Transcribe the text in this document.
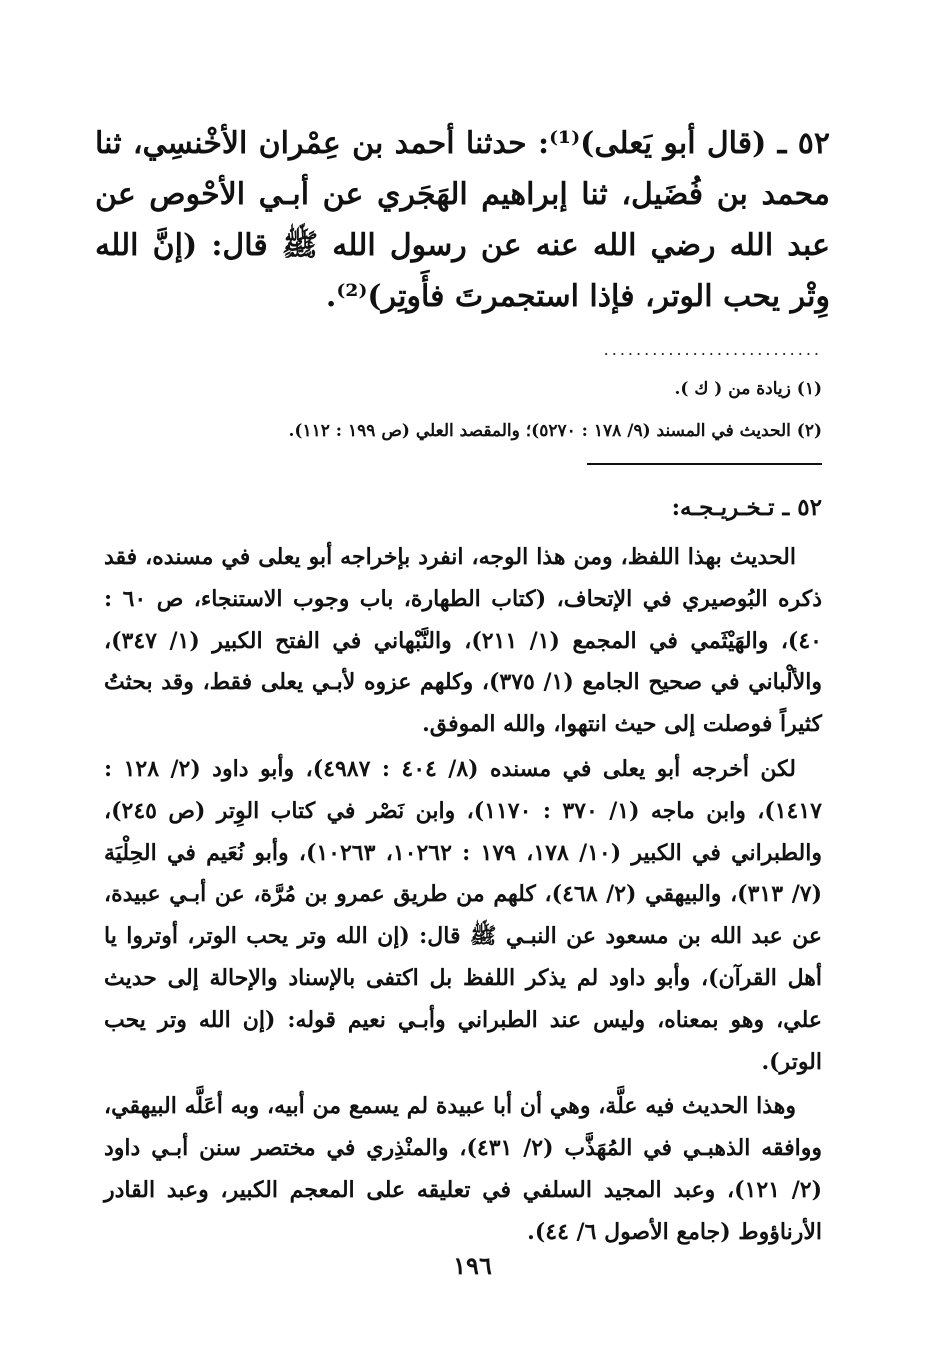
٥٢ ـ (قال أبو يَعلى)⁽¹⁾: حدثنا أحمد بن عِمْران الأخْنسِي، ثنا محمد بن فُضَيل، ثنا إبراهيم الهَجَري عن أبـي الأحْوص عن عبد الله رضي الله عنه عن رسول الله ﷺ قال: (إنَّ الله وِتْر يحب الوتر، فإذا استجمرتَ فأَوتِر)⁽²⁾.

...........................

(١) زيادة من ( ك ).

(٢) الحديث في المسند (٩/ ١٧٨ : ٥٢٧٠)؛ والمقصد العلي (ص ١٩٩ : ١١٢).

٥٢ ـ تـخـريـجـه:

الحديث بهذا اللفظ، ومن هذا الوجه، انفرد بإخراجه أبو يعلى في مسنده، فقد ذكره البُوصيري في الإتحاف، (كتاب الطهارة، باب وجوب الاستنجاء، ص ٦٠ : ٤٠)، والهَيْثَمي في المجمع (١/ ٢١١)، والنَّبْهاني في الفتح الكبير (١/ ٣٤٧)، والألْباني في صحيح الجامع (١/ ٣٧٥)، وكلهم عزوه لأبـي يعلى فقط، وقد بحثتُ كثيراً فوصلت إلى حيث انتهوا، والله الموفق.

لكن أخرجه أبو يعلى في مسنده (٨/ ٤٠٤ : ٤٩٨٧)، وأبو داود (٢/ ١٢٨ : ١٤١٧)، وابن ماجه (١/ ٣٧٠ : ١١٧٠)، وابن نَصْر في كتاب الوِتر (ص ٢٤٥)، والطبراني في الكبير (١٠/ ١٧٨، ١٧٩ : ١٠٢٦٢، ١٠٢٦٣)، وأبو نُعَيم في الحِلْيَة (٧/ ٣١٣)، والبيهقي (٢/ ٤٦٨)، كلهم من طريق عمرو بن مُرَّة، عن أبـي عبيدة، عن عبد الله بن مسعود عن النبـي ﷺ قال: (إن الله وتر يحب الوتر، أوتروا يا أهل القرآن)، وأبو داود لم يذكر اللفظ بل اكتفى بالإسناد والإحالة إلى حديث علي، وهو بمعناه، وليس عند الطبراني وأبـي نعيم قوله: (إن الله وتر يحب الوتر).

وهذا الحديث فيه علَّة، وهي أن أبا عبيدة لم يسمع من أبيه، وبه أعَلَّه البيهقي، ووافقه الذهبـي في المُهَذَّب (٢/ ٤٣١)، والمنْذِري في مختصر سنن أبـي داود (٢/ ١٢١)، وعبد المجيد السلفي في تعليقه على المعجم الكبير، وعبد القادر الأرناؤوط (جامع الأصول ٦/ ٤٤).

١٩٦
